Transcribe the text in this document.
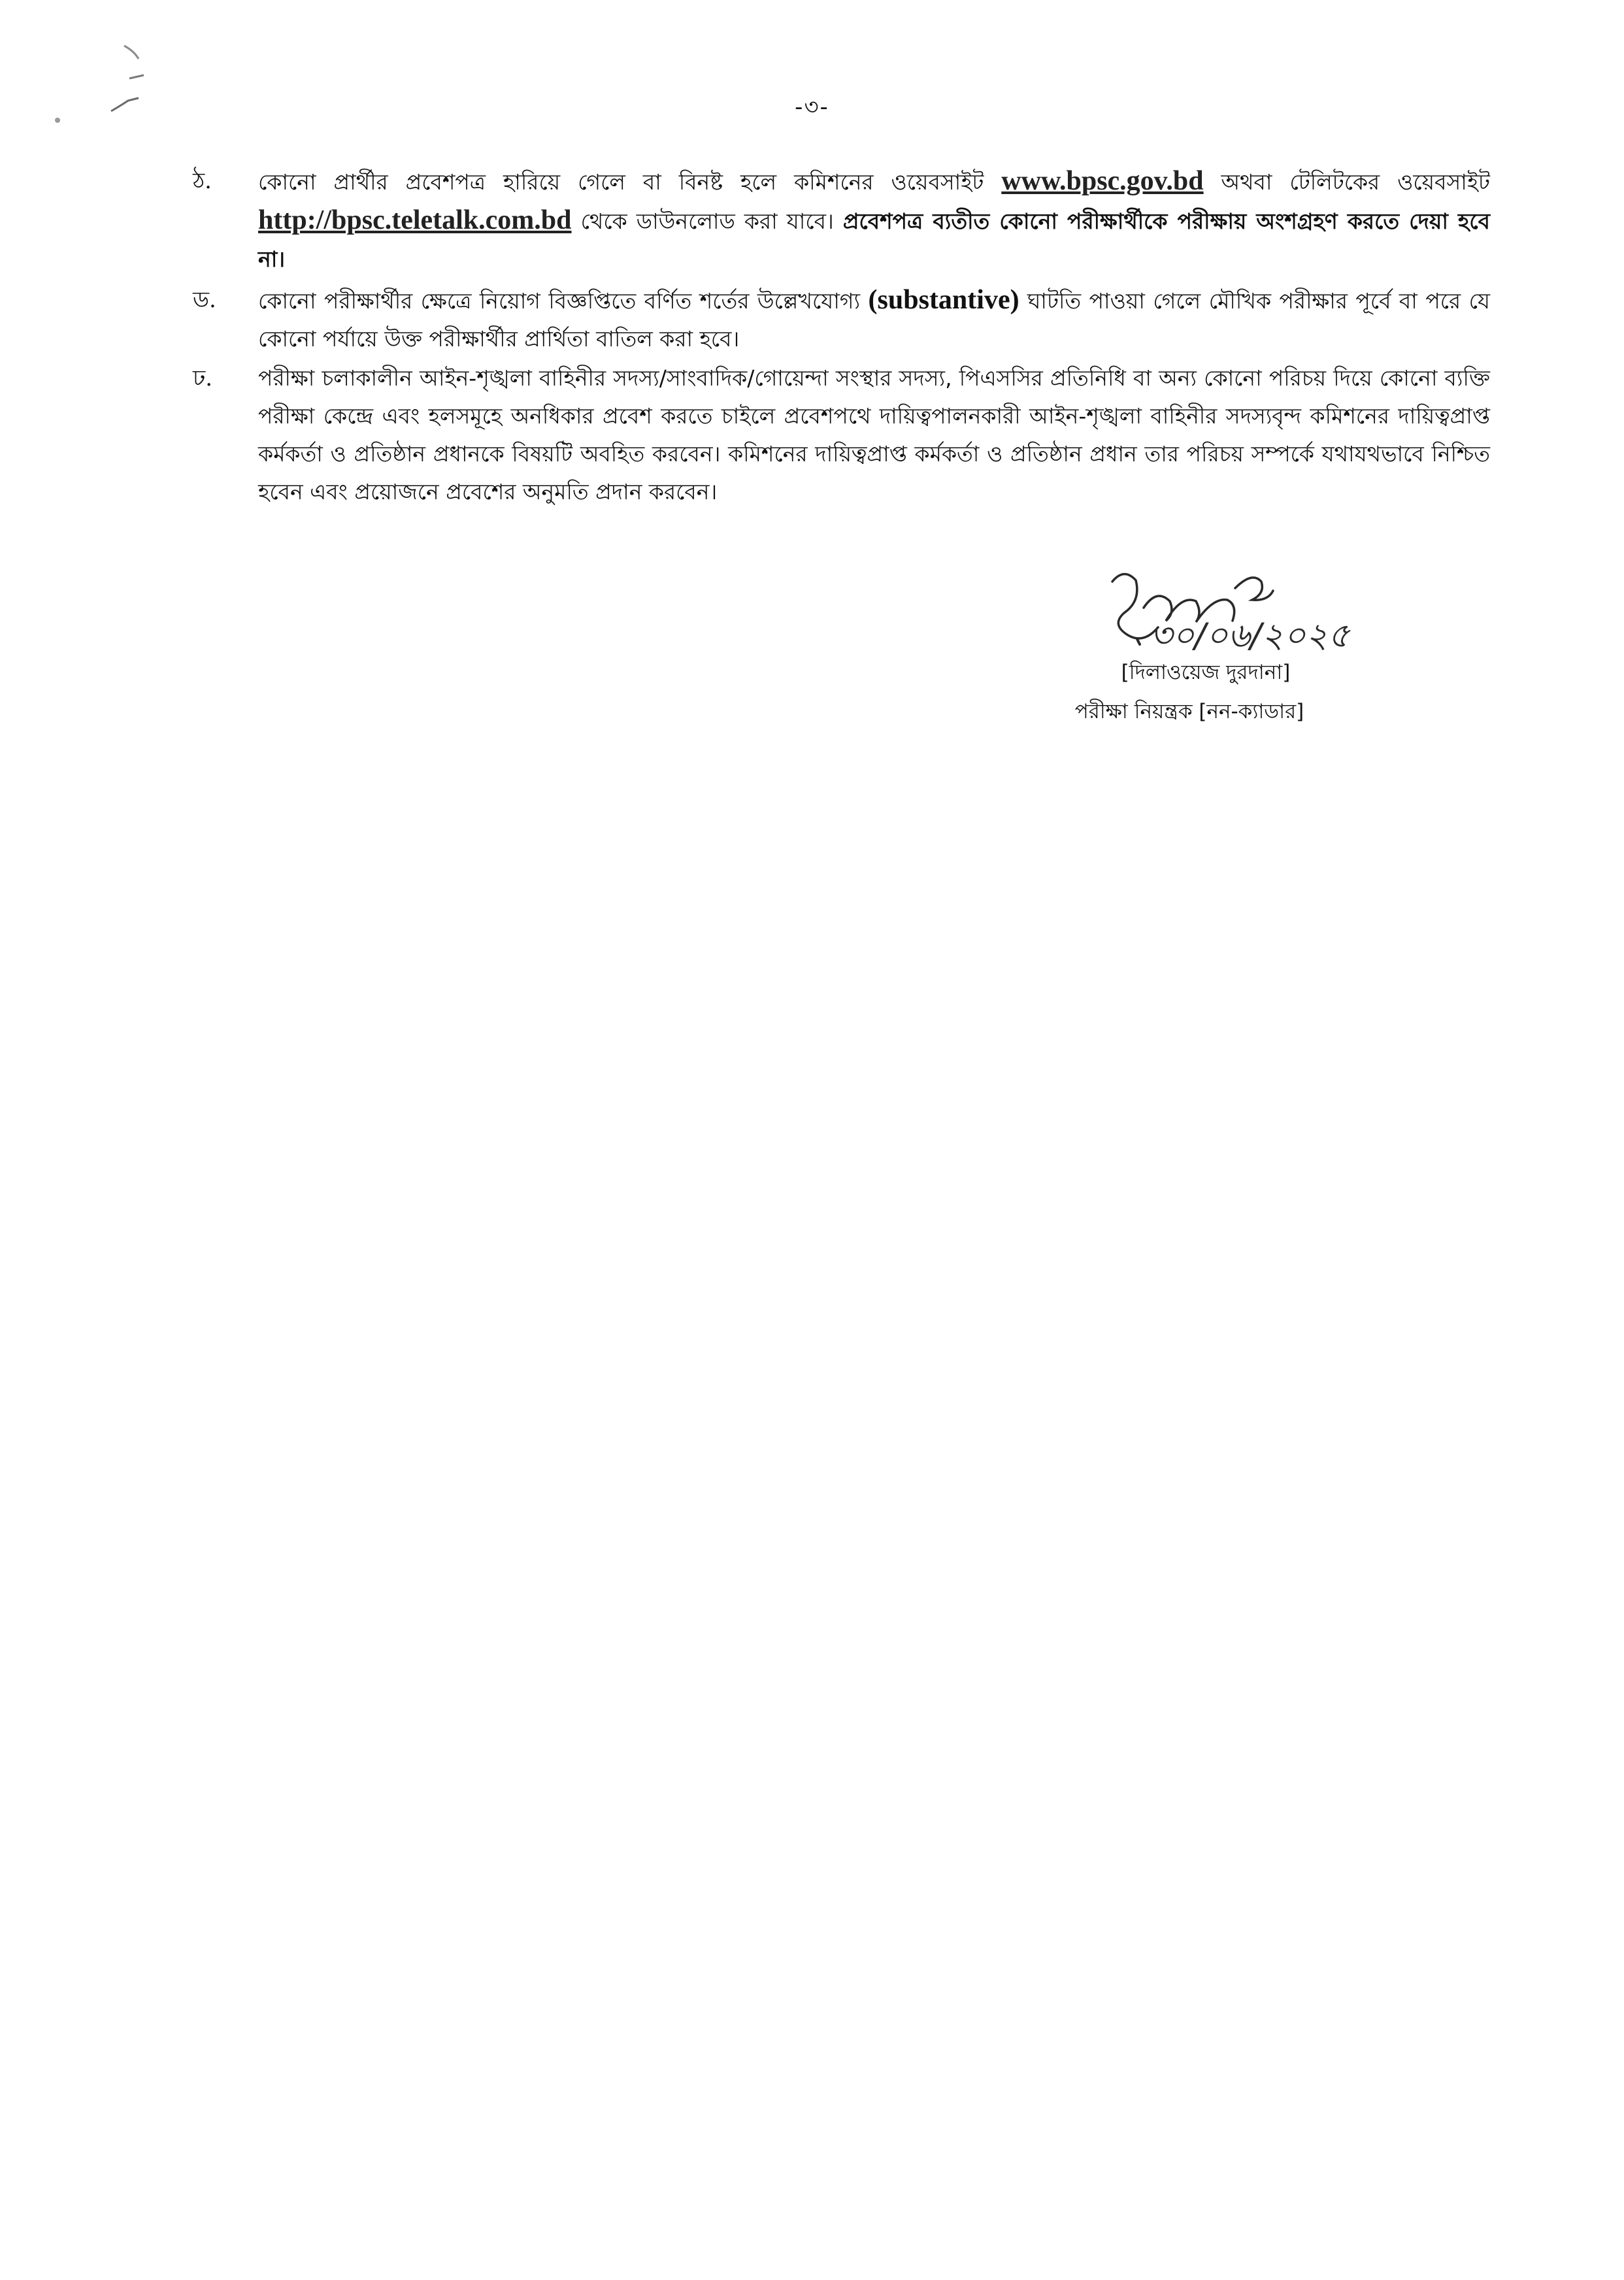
-৩-
ঠ. কোনো প্রার্থীর প্রবেশপত্র হারিয়ে গেলে বা বিনষ্ট হলে কমিশনের ওয়েবসাইট www.bpsc.gov.bd অথবা টেলিটকের ওয়েবসাইট http://bpsc.teletalk.com.bd থেকে ডাউনলোড করা যাবে। প্রবেশপত্র ব্যতীত কোনো পরীক্ষার্থীকে পরীক্ষায় অংশগ্রহণ করতে দেয়া হবে না।
ড. কোনো পরীক্ষার্থীর ক্ষেত্রে নিয়োগ বিজ্ঞপ্তিতে বর্ণিত শর্তের উল্লেখযোগ্য (substantive) ঘাটতি পাওয়া গেলে মৌখিক পরীক্ষার পূর্বে বা পরে যে কোনো পর্যায়ে উক্ত পরীক্ষার্থীর প্রার্থিতা বাতিল করা হবে।
ঢ. পরীক্ষা চলাকালীন আইন-শৃঙ্খলা বাহিনীর সদস্য/সাংবাদিক/গোয়েন্দা সংস্থার সদস্য, পিএসসির প্রতিনিধি বা অন্য কোনো পরিচয় দিয়ে কোনো ব্যক্তি পরীক্ষা কেন্দ্রে এবং হলসমূহে অনধিকার প্রবেশ করতে চাইলে প্রবেশপথে দায়িত্বপালনকারী আইন-শৃঙ্খলা বাহিনীর সদস্যবৃন্দ কমিশনের দায়িত্বপ্রাপ্ত কর্মকর্তা ও প্রতিষ্ঠান প্রধানকে বিষয়টি অবহিত করবেন। কমিশনের দায়িত্বপ্রাপ্ত কর্মকর্তা ও প্রতিষ্ঠান প্রধান তার পরিচয় সম্পর্কে যথাযথভাবে নিশ্চিত হবেন এবং প্রয়োজনে প্রবেশের অনুমতি প্রদান করবেন।
৩০/০৬/২০২৫
[দিলাওয়েজ দুরদানা]
পরীক্ষা নিয়ন্ত্রক [নন-ক্যাডার]
